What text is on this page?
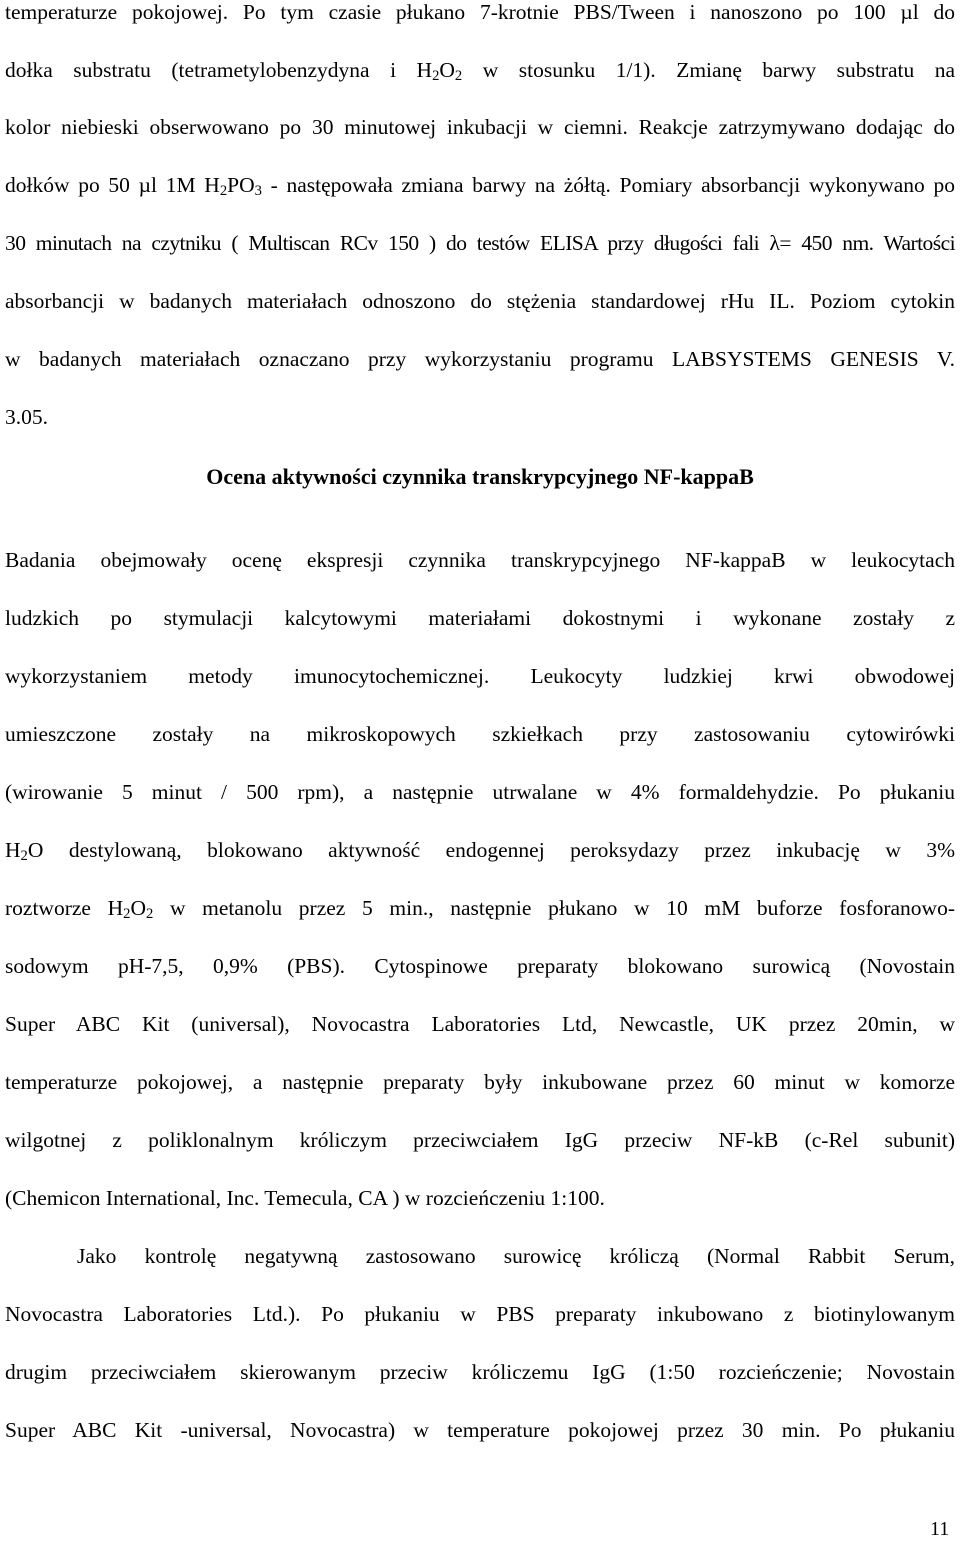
temperaturze pokojowej. Po tym czasie płukano 7-krotnie PBS/Tween i nanoszono po 100 µl do
dołka substratu (tetrametylobenzydyna i $H_2O_2$ w stosunku 1/1). Zmianę barwy substratu na
kolor niebieski obserwowano po 30 minutowej inkubacji w ciemni. Reakcje zatrzymywano dodając do
dołków po 50 µl 1M $H_2PO_3$ - następowała zmiana barwy na żółtą. Pomiary absorbancji wykonywano po
30 minutach na czytniku ( Multiscan RCv 150 ) do testów ELISA przy długości fali λ= 450 nm. Wartości
absorbancji w badanych materiałach odnoszono do stężenia standardowej rHu IL. Poziom cytokin
w badanych materiałach oznaczano przy wykorzystaniu programu LABSYSTEMS GENESIS V.
3.05.
Ocena aktywności czynnika transkrypcyjnego NF-kappaB
Badania obejmowały ocenę ekspresji czynnika transkrypcyjnego NF-kappaB w leukocytach
ludzkich po stymulacji kalcytowymi materiałami dokostnymi i wykonane zostały z
wykorzystaniem metody imunocytochemicznej. Leukocyty ludzkiej krwi obwodowej
umieszczone zostały na mikroskopowych szkiełkach przy zastosowaniu cytowirówki
(wirowanie 5 minut / 500 rpm), a następnie utrwalane w 4% formaldehydzie. Po płukaniu
$H_2O$ destylowaną, blokowano aktywność endogennej peroksydazy przez inkubację w 3%
roztworze $H_2O_2$ w metanolu przez 5 min., następnie płukano w 10 mM buforze fosforanowo-
sodowym pH-7,5, 0,9% (PBS). Cytospinowe preparaty blokowano surowicą (Novostain
Super ABC Kit (universal), Novocastra Laboratories Ltd, Newcastle, UK przez 20min, w
temperaturze pokojowej, a następnie preparaty były inkubowane przez 60 minut w komorze
wilgotnej z poliklonalnym króliczym przeciwciałem IgG przeciw NF-kB (c-Rel subunit)
(Chemicon International, Inc. Temecula, CA ) w rozcieńczeniu 1:100.
Jako kontrolę negatywną zastosowano surowicę króliczą (Normal Rabbit Serum,
Novocastra Laboratories Ltd.). Po płukaniu w PBS preparaty inkubowano z biotinylowanym
drugim przeciwciałem skierowanym przeciw króliczemu IgG (1:50 rozcieńczenie; Novostain
Super ABC Kit -universal, Novocastra) w temperature pokojowej przez 30 min. Po płukaniu
11
